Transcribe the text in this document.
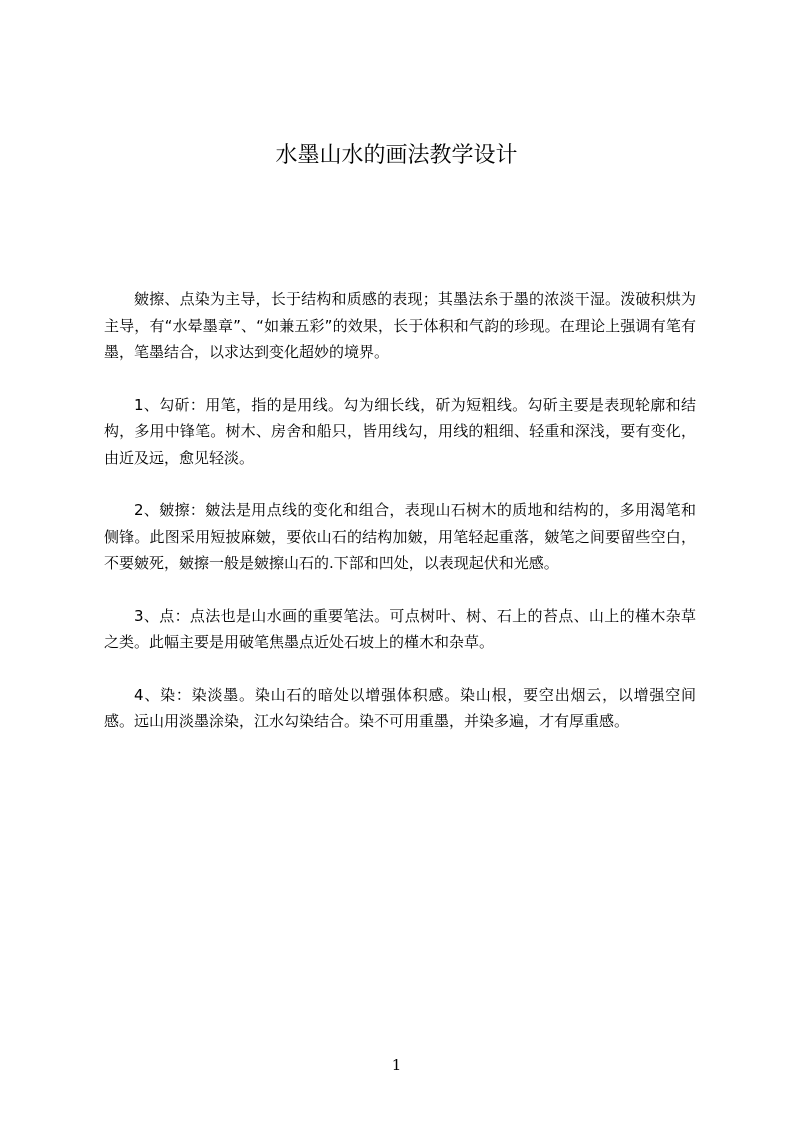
水墨山水的画法教学设计

皴擦、点染为主导，长于结构和质感的表现；其墨法糸于墨的浓淡干湿。泼破积烘为主导，有“水晕墨章”、“如兼五彩”的效果，长于体积和气韵的珍现。在理论上强调有笔有墨，笔墨结合，以求达到变化超妙的境界。

1、勾斫：用笔，指的是用线。勾为细长线，斫为短粗线。勾斫主要是表现轮廓和结构，多用中锋笔。树木、房舍和船只，皆用线勾，用线的粗细、轻重和深浅，要有变化，由近及远，愈见轻淡。

2、皴擦：皴法是用点线的变化和组合，表现山石树木的质地和结构的，多用渴笔和侧锋。此图采用短披麻皴，要依山石的结构加皴，用笔轻起重落，皴笔之间要留些空白，不要皴死，皴擦一般是皴擦山石的.下部和凹处，以表现起伏和光感。

3、点：点法也是山水画的重要笔法。可点树叶、树、石上的苔点、山上的槿木杂草之类。此幅主要是用破笔焦墨点近处石坡上的槿木和杂草。

4、染：染淡墨。染山石的暗处以增强体积感。染山根，要空出烟云，以增强空间感。远山用淡墨涂染，江水勾染结合。染不可用重墨，并染多遍，才有厚重感。

1
